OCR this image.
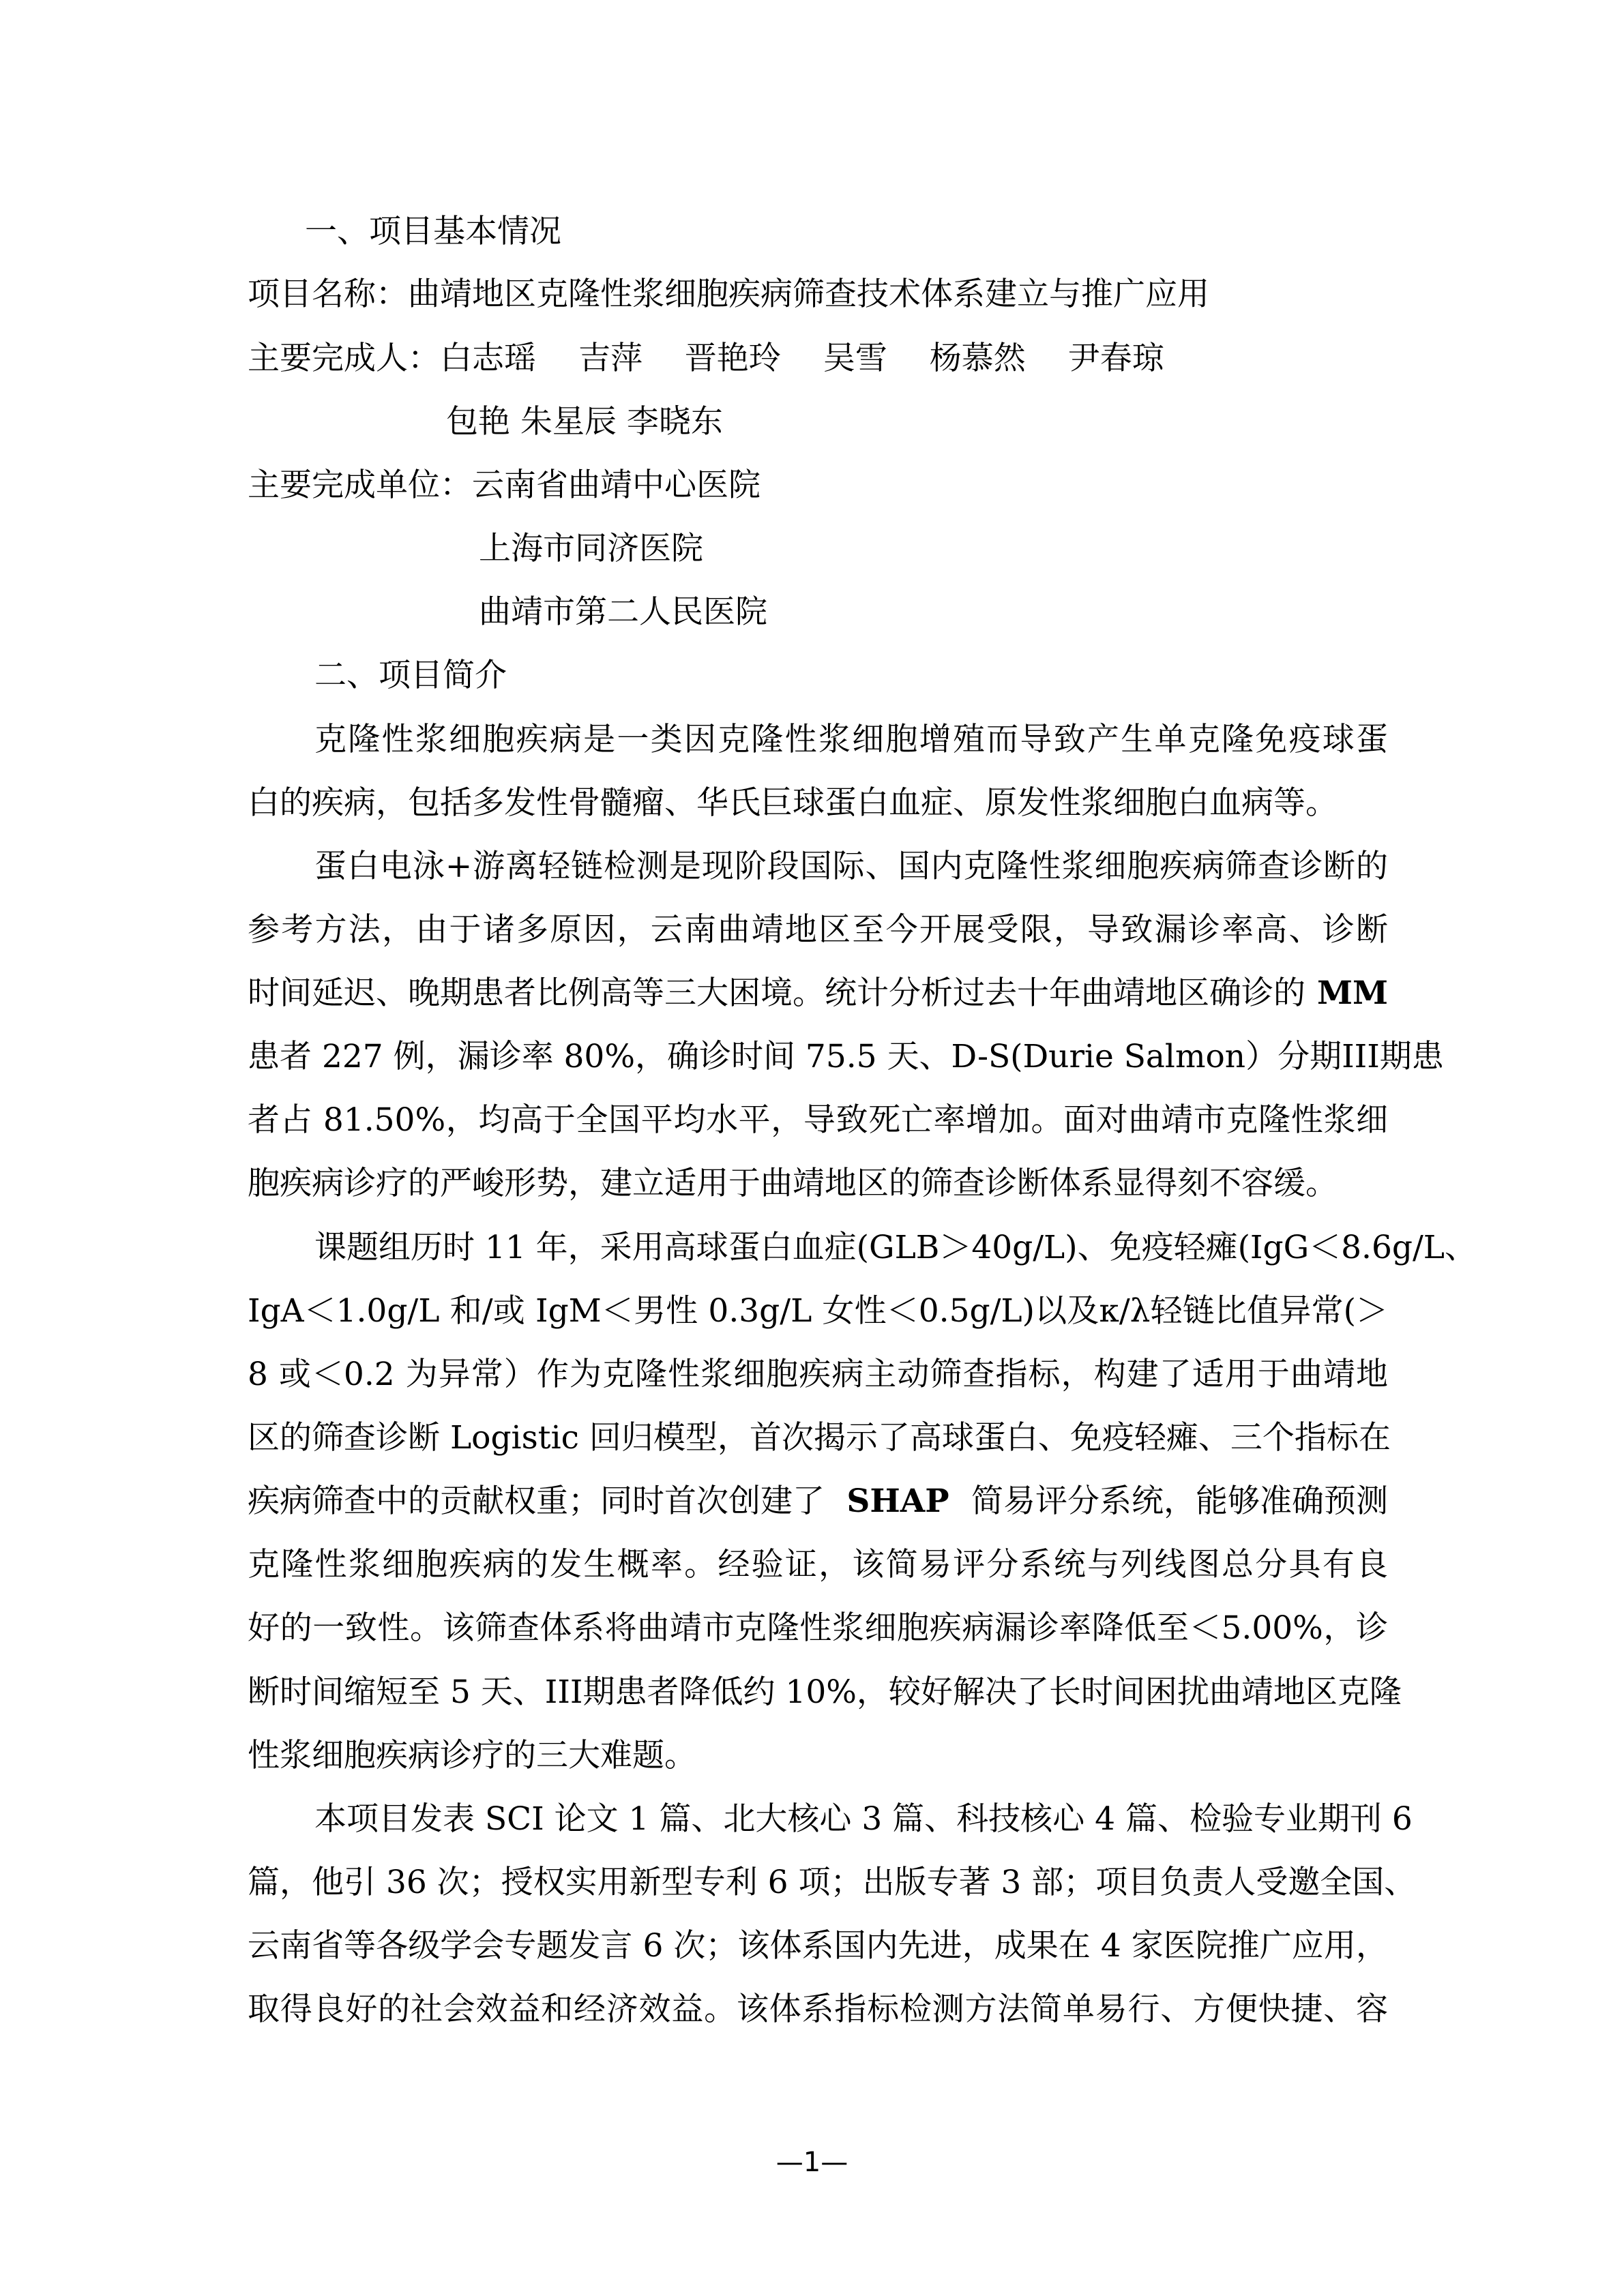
一、项目基本情况
项目名称：曲靖地区克隆性浆细胞疾病筛查技术体系建立与推广应用
主要完成人：白志瑶　 吉萍　 晋艳玲　 吴雪　 杨慕然　 尹春琼
包艳 朱星辰 李晓东
主要完成单位：云南省曲靖中心医院
上海市同济医院
曲靖市第二人民医院
二、项目简介
克隆性浆细胞疾病是一类因克隆性浆细胞增殖而导致产生单克隆免疫球蛋
白的疾病，包括多发性骨髓瘤、华氏巨球蛋白血症、原发性浆细胞白血病等。
蛋白电泳+游离轻链检测是现阶段国际、国内克隆性浆细胞疾病筛查诊断的
参考方法，由于诸多原因，云南曲靖地区至今开展受限，导致漏诊率高、诊断
时间延迟、晚期患者比例高等三大困境。统计分析过去十年曲靖地区确诊的 MM
患者 227 例，漏诊率 80%，确诊时间 75.5 天、D-S(Durie Salmon）分期III期患
者占 81.50%，均高于全国平均水平，导致死亡率增加。面对曲靖市克隆性浆细
胞疾病诊疗的严峻形势，建立适用于曲靖地区的筛查诊断体系显得刻不容缓。
课题组历时 11 年，采用高球蛋白血症(GLB＞40g/L)、免疫轻瘫(IgG＜8.6g/L、
IgA＜1.0g/L 和/或 IgM＜男性 0.3g/L 女性＜0.5g/L)以及κ/λ轻链比值异常(＞
8 或＜0.2 为异常）作为克隆性浆细胞疾病主动筛查指标，构建了适用于曲靖地
区的筛查诊断 Logistic 回归模型，首次揭示了高球蛋白、免疫轻瘫、三个指标在
疾病筛查中的贡献权重；同时首次创建了 SHAP 简易评分系统，能够准确预测
克隆性浆细胞疾病的发生概率。经验证，该简易评分系统与列线图总分具有良
好的一致性。该筛查体系将曲靖市克隆性浆细胞疾病漏诊率降低至＜5.00%，诊
断时间缩短至 5 天、III期患者降低约 10%，较好解决了长时间困扰曲靖地区克隆
性浆细胞疾病诊疗的三大难题。
本项目发表 SCI 论文 1 篇、北大核心 3 篇、科技核心 4 篇、检验专业期刊 6
篇，他引 36 次；授权实用新型专利 6 项；出版专著 3 部；项目负责人受邀全国、
云南省等各级学会专题发言 6 次；该体系国内先进，成果在 4 家医院推广应用，
取得良好的社会效益和经济效益。该体系指标检测方法简单易行、方便快捷、容
—1—
